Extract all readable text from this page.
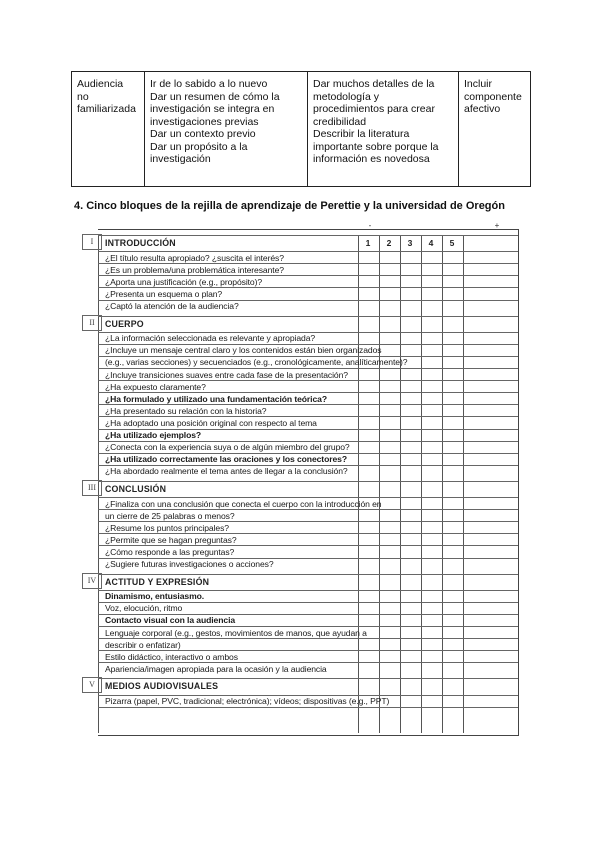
Audiencia
no
familiarizada

Ir de lo sabido a lo nuevo
Dar un resumen de cómo la
investigación se integra en
investigaciones previas
Dar un contexto previo
Dar un propósito a la
investigación

Dar muchos detalles de la
metodología y
procedimientos para crear
credibilidad
Describir la literatura
importante sobre porque la
información es novedosa

Incluir
componente
afectivo
4. Cinco bloques de la rejilla de aprendizaje de Perettie y la universidad de Oregón
-	+
I	INTRODUCCIÓN	1	2	3	4	5
¿El título resulta apropiado? ¿suscita el interés?
¿Es un problema/una problemática interesante?
¿Aporta una justificación (e.g., propósito)?
¿Presenta un esquema o plan?
¿Captó la atención de la audiencia?
II	CUERPO
¿La información seleccionada es relevante y apropiada?
¿Incluye un mensaje central claro y los contenidos están bien organizados
(e.g., varias secciones) y secuenciados (e.g., cronológicamente, analíticamente)?
¿Incluye transiciones suaves entre cada fase de la presentación?
¿Ha expuesto claramente?
¿Ha formulado y utilizado una fundamentación teórica?
¿Ha presentado su relación con la historia?
¿Ha adoptado una posición original con respecto al tema
¿Ha utilizado ejemplos?
¿Conecta con la experiencia suya o de algún miembro del grupo?
¿Ha utilizado correctamente las oraciones y los conectores?
¿Ha abordado realmente el tema antes de llegar a la conclusión?
III	CONCLUSIÓN
¿Finaliza con una conclusión que conecta el cuerpo con la introducción en
un cierre de 25 palabras o menos?
¿Resume los puntos principales?
¿Permite que se hagan preguntas?
¿Cómo responde a las preguntas?
¿Sugiere futuras investigaciones o acciones?
IV ACTITUD Y EXPRESIÓN
Dinamismo, entusiasmo.
Voz, elocución, ritmo
Contacto visual con la audiencia
Lenguaje corporal (e.g., gestos, movimientos de manos, que ayudan a
describir o enfatizar)
Estilo didáctico, interactivo o ambos
Apariencia/imagen apropiada para la ocasión y la audiencia
V	MEDIOS AUDIOVISUALES
Pizarra (papel, PVC, tradicional; electrónica); vídeos; dispositivas (e.g., PPT)
